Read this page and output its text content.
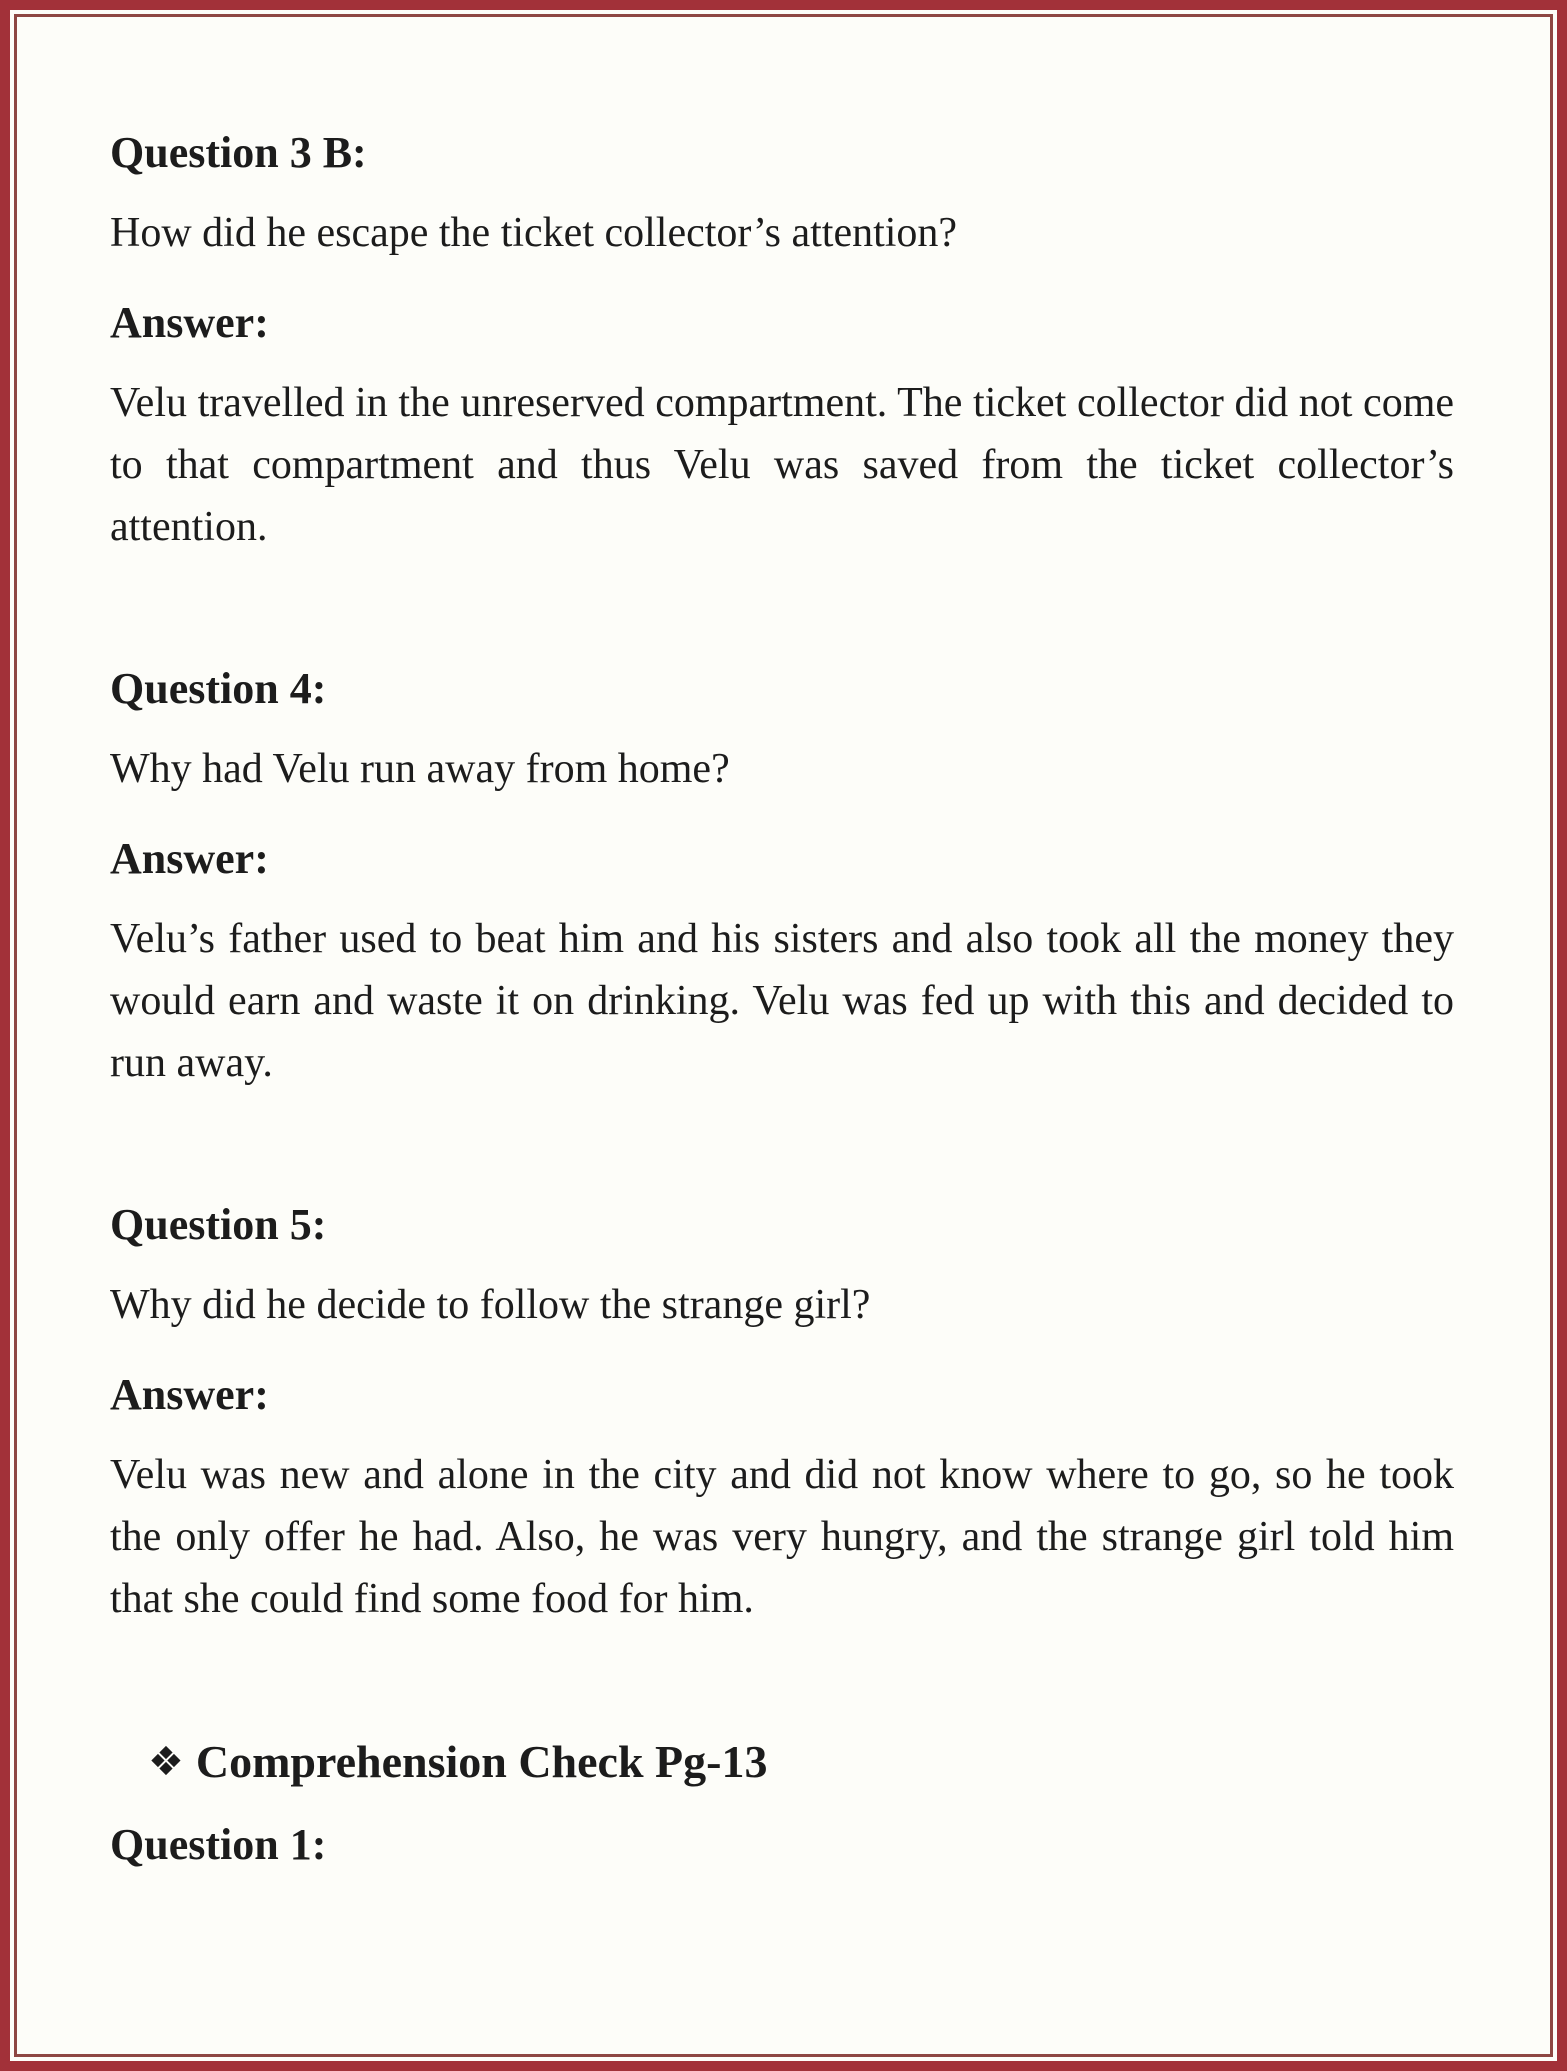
Question 3 B:
How did he escape the ticket collector’s attention?
Answer:
Velu travelled in the unreserved compartment. The ticket collector did not come to that compartment and thus Velu was saved from the ticket collector’s attention.
Question 4:
Why had Velu run away from home?
Answer:
Velu’s father used to beat him and his sisters and also took all the money they would earn and waste it on drinking. Velu was fed up with this and decided to run away.
Question 5:
Why did he decide to follow the strange girl?
Answer:
Velu was new and alone in the city and did not know where to go, so he took the only offer he had. Also, he was very hungry, and the strange girl told him that she could find some food for him.
❖ Comprehension Check Pg-13
Question 1:
